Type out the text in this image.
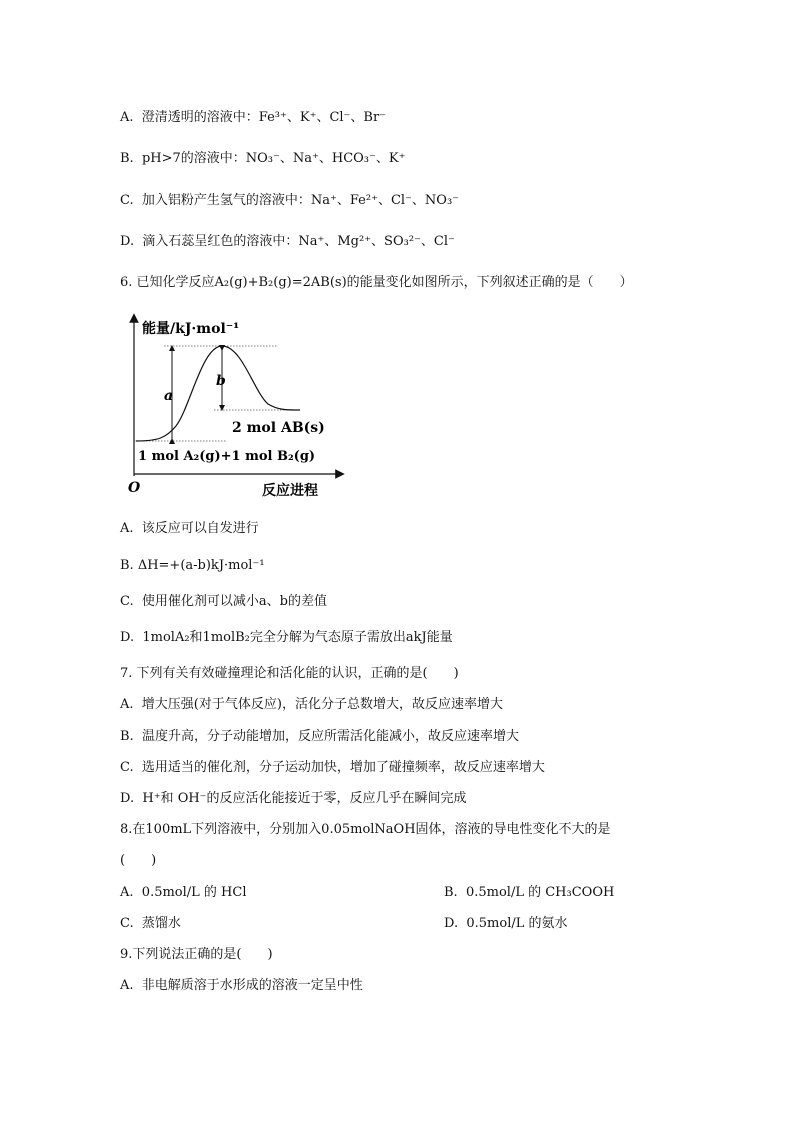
A. 澄清透明的溶液中：Fe³⁺、K⁺、Cl⁻、Br⁻
B. pH>7的溶液中：NO₃⁻、Na⁺、HCO₃⁻、K⁺
C. 加入铝粉产生氢气的溶液中：Na⁺、Fe²⁺、Cl⁻、NO₃⁻
D. 滴入石蕊呈红色的溶液中：Na⁺、Mg²⁺、SO₃²⁻、Cl⁻
6. 已知化学反应A₂(g)+B₂(g)=2AB(s)的能量变化如图所示，下列叙述正确的是（　　）
能量/kJ·mol⁻¹
a
b
2 mol AB(s)
1 mol A₂(g)+1 mol B₂(g)
O	反应进程
A. 该反应可以自发进行
B. ΔH=+(a-b)kJ·mol⁻¹
C. 使用催化剂可以减小a、b的差值
D. 1molA₂和1molB₂完全分解为气态原子需放出akJ能量
7. 下列有关有效碰撞理论和活化能的认识，正确的是(　　)
A. 增大压强(对于气体反应)，活化分子总数增大，故反应速率增大
B. 温度升高，分子动能增加，反应所需活化能减小，故反应速率增大
C. 选用适当的催化剂，分子运动加快，增加了碰撞频率，故反应速率增大
D. H⁺和 OH⁻的反应活化能接近于零，反应几乎在瞬间完成
8.在100mL下列溶液中，分别加入0.05molNaOH固体，溶液的导电性变化不大的是
(　　)
A. 0.5mol/L 的 HCl	B. 0.5mol/L 的 CH₃COOH
C. 蒸馏水	D. 0.5mol/L 的氨水
9.下列说法正确的是(　　)
A. 非电解质溶于水形成的溶液一定呈中性
